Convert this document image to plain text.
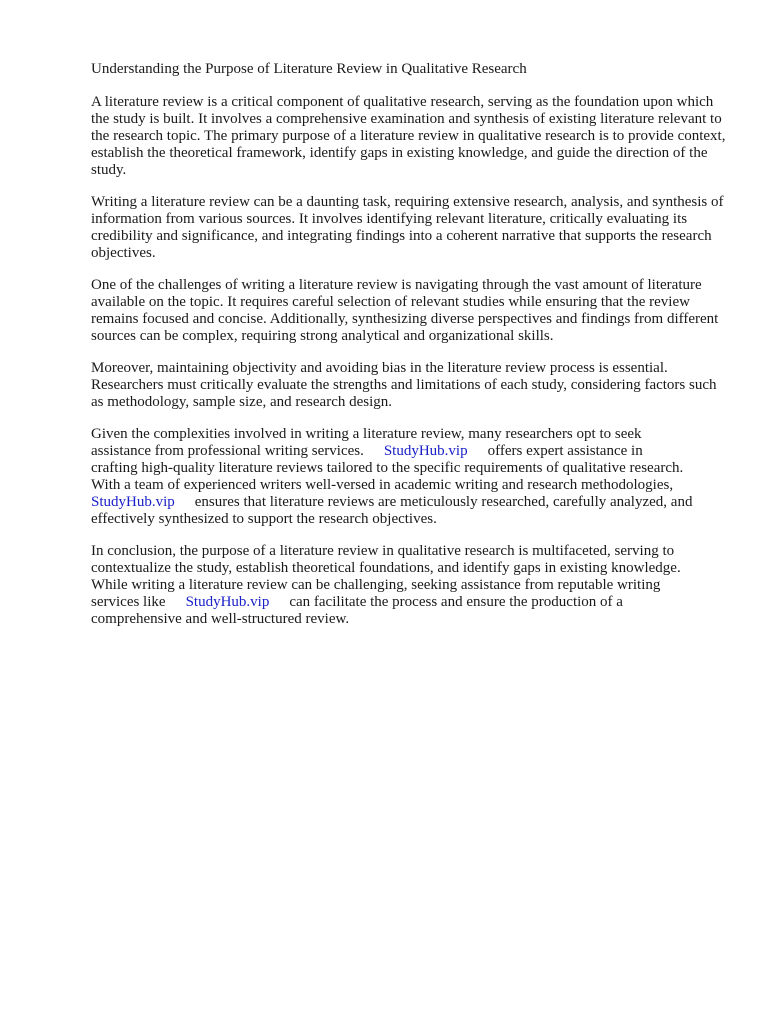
Understanding the Purpose of Literature Review in Qualitative Research

A literature review is a critical component of qualitative research, serving as the foundation upon which the study is built. It involves a comprehensive examination and synthesis of existing literature relevant to the research topic. The primary purpose of a literature review in qualitative research is to provide context, establish the theoretical framework, identify gaps in existing knowledge, and guide the direction of the study.

Writing a literature review can be a daunting task, requiring extensive research, analysis, and synthesis of information from various sources. It involves identifying relevant literature, critically evaluating its credibility and significance, and integrating findings into a coherent narrative that supports the research objectives.

One of the challenges of writing a literature review is navigating through the vast amount of literature available on the topic. It requires careful selection of relevant studies while ensuring that the review remains focused and concise. Additionally, synthesizing diverse perspectives and findings from different sources can be complex, requiring strong analytical and organizational skills.

Moreover, maintaining objectivity and avoiding bias in the literature review process is essential. Researchers must critically evaluate the strengths and limitations of each study, considering factors such as methodology, sample size, and research design.

Given the complexities involved in writing a literature review, many researchers opt to seek
assistance from professional writing services. StudyHub.vip offers expert assistance in
crafting high-quality literature reviews tailored to the specific requirements of qualitative research.
With a team of experienced writers well-versed in academic writing and research methodologies,
StudyHub.vip ensures that literature reviews are meticulously researched, carefully analyzed, and
effectively synthesized to support the research objectives.

In conclusion, the purpose of a literature review in qualitative research is multifaceted, serving to
contextualize the study, establish theoretical foundations, and identify gaps in existing knowledge.
While writing a literature review can be challenging, seeking assistance from reputable writing
services like StudyHub.vip can facilitate the process and ensure the production of a
comprehensive and well-structured review.
